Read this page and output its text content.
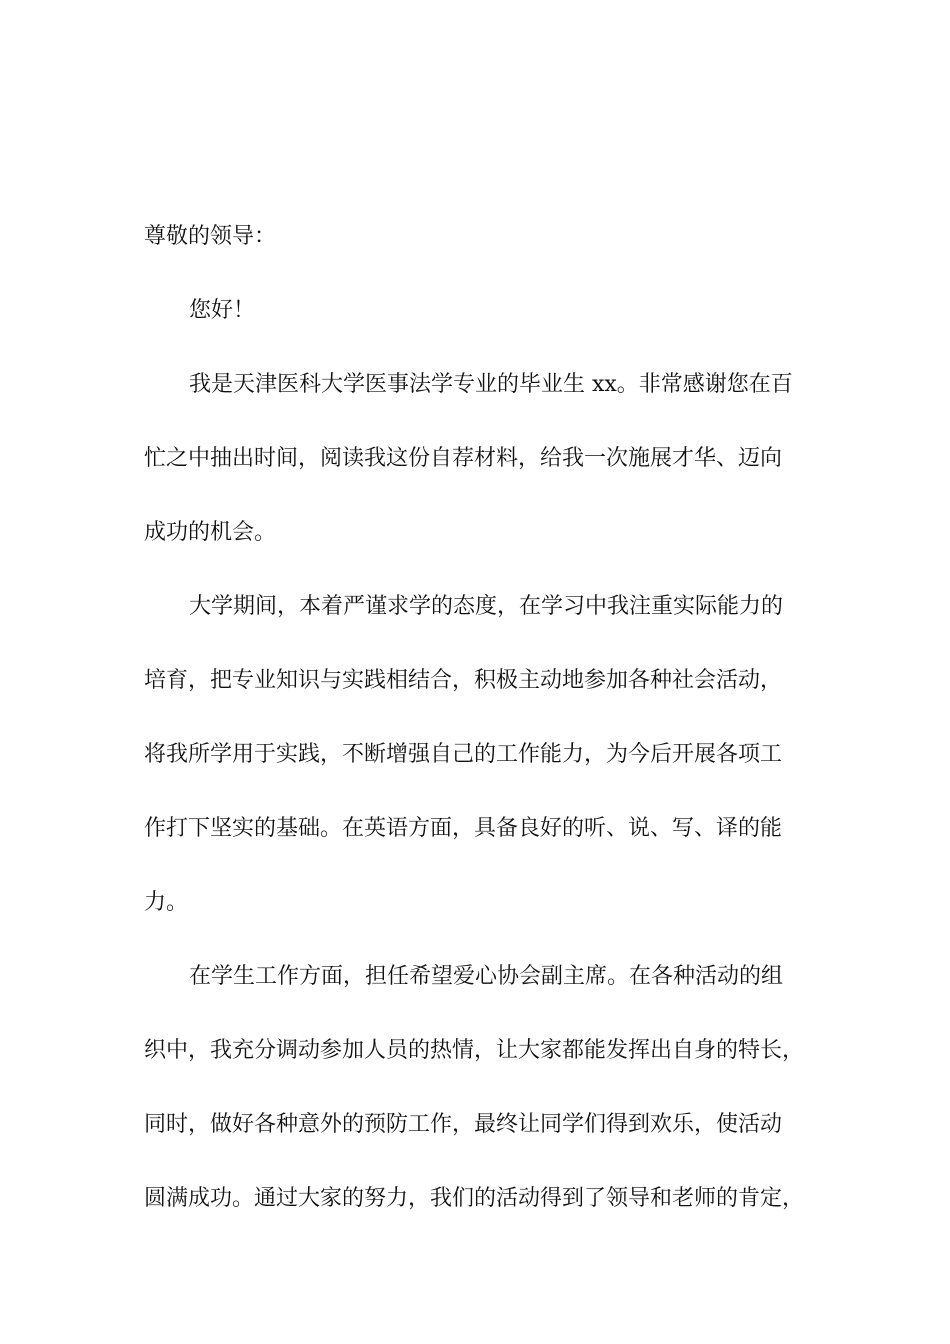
尊敬的领导：
您好！
我是天津医科大学医事法学专业的毕业生 xx。非常感谢您在百
忙之中抽出时间，阅读我这份自荐材料，给我一次施展才华、迈向
成功的机会。
大学期间，本着严谨求学的态度，在学习中我注重实际能力的
培育，把专业知识与实践相结合，积极主动地参加各种社会活动，
将我所学用于实践，不断增强自己的工作能力，为今后开展各项工
作打下坚实的基础。在英语方面，具备良好的听、说、写、译的能
力。
在学生工作方面，担任希望爱心协会副主席。在各种活动的组
织中，我充分调动参加人员的热情，让大家都能发挥出自身的特长，
同时，做好各种意外的预防工作，最终让同学们得到欢乐，使活动
圆满成功。通过大家的努力，我们的活动得到了领导和老师的肯定，
